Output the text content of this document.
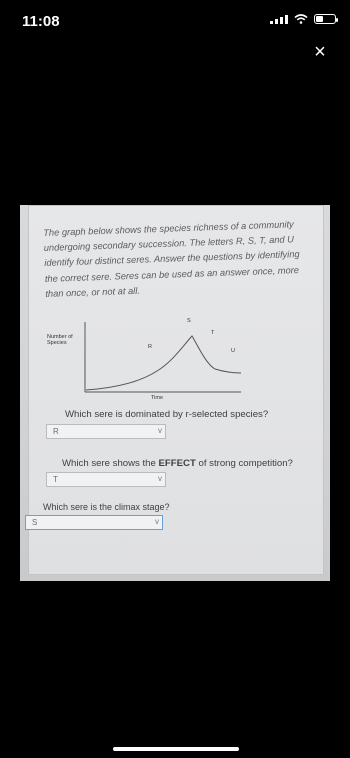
11:08
×

The graph below shows the species richness of a community undergoing secondary succession. The letters R, S, T, and U identify four distinct seres. Answer the questions by identifying the correct sere. Seres can be used as an answer once, more than once, or not at all.

Number of Species
Time
R
S
T
U
Which sere is dominated by r-selected species?
R	v
Which sere shows the EFFECT of strong competition?
T	v
Which sere is the climax stage?
S	v
